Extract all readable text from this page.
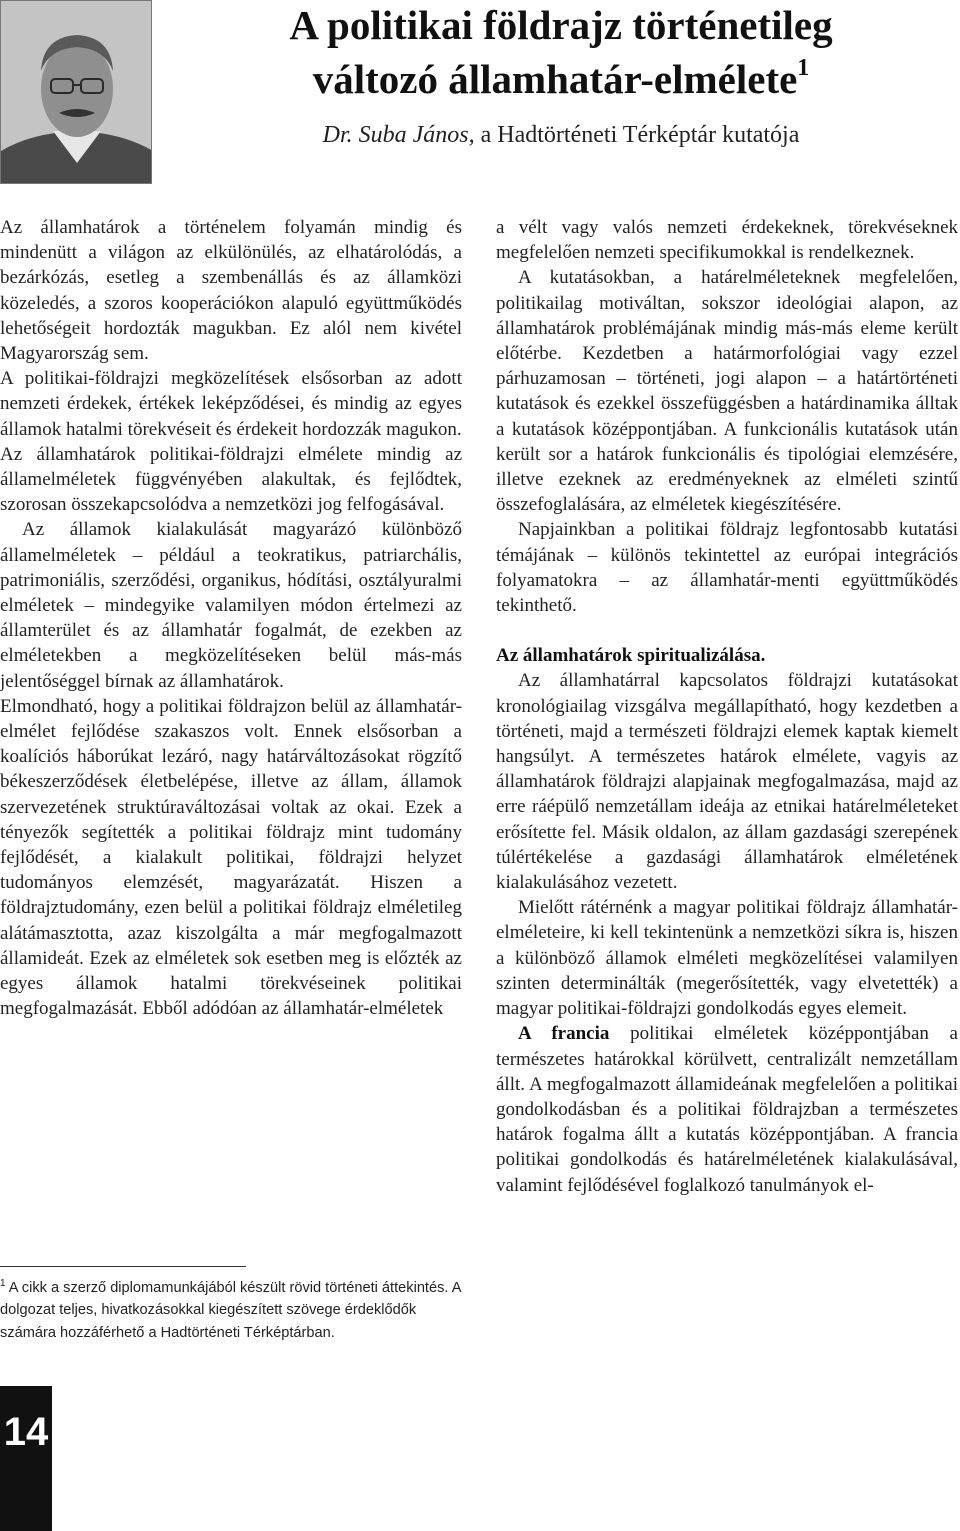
A politikai földrajz történetileg
változó államhatár-elmélete$^1$
Dr. Suba János, a Hadtörténeti Térképtár kutatója

Az államhatárok a történelem folyamán mindig és mindenütt a világon az elkülönülés, az elhatárolódás, a bezárkózás, esetleg a szembenállás és az államközi közeledés, a szoros kooperációkon alapuló együttműködés lehetőségeit hordozták magukban. Ez alól nem kivétel Magyarország sem.

A politikai-földrajzi megközelítések elsősorban az adott nemzeti érdekek, értékek leképződései, és mindig az egyes államok hatalmi törekvéseit és érdekeit hordozzák magukon.

Az államhatárok politikai-földrajzi elmélete mindig az államelméletek függvényében alakultak, és fejlődtek, szorosan összekapcsolódva a nemzetközi jog felfogásával.

Az államok kialakulását magyarázó különböző államelméletek – például a teokratikus, patriarchális, patrimoniális, szerződési, organikus, hódítási, osztályuralmi elméletek – mindegyike valamilyen módon értelmezi az államterület és az államhatár fogalmát, de ezekben az elméletekben a megközelítéseken belül más-más jelentőséggel bírnak az államhatárok.

Elmondható, hogy a politikai földrajzon belül az államhatár-elmélet fejlődése szakaszos volt. Ennek elsősorban a koalíciós háborúkat lezáró, nagy határváltozásokat rögzítő békeszerződések életbelépése, illetve az állam, államok szervezetének struktúraváltozásai voltak az okai. Ezek a tényezők segítették a politikai földrajz mint tudomány fejlődését, a kialakult politikai, földrajzi helyzet tudományos elemzését, magyarázatát. Hiszen a földrajztudomány, ezen belül a politikai földrajz elméletileg alátámasztotta, azaz kiszolgálta a már megfogalmazott államideát. Ezek az elméletek sok esetben meg is előzték az egyes államok hatalmi törekvéseinek politikai megfogalmazását. Ebből adódóan az államhatár-elméletek

a vélt vagy valós nemzeti érdekeknek, törekvéseknek megfelelően nemzeti specifikumokkal is rendelkeznek.

A kutatásokban, a határelméleteknek megfelelően, politikailag motiváltan, sokszor ideológiai alapon, az államhatárok problémájának mindig más-más eleme került előtérbe. Kezdetben a határmorfológiai vagy ezzel párhuzamosan – történeti, jogi alapon – a határtörténeti kutatások és ezekkel összefüggésben a határdinamika álltak a kutatások középpontjában. A funkcionális kutatások után került sor a határok funkcionális és tipológiai elemzésére, illetve ezeknek az eredményeknek az elméleti szintű összefoglalására, az elméletek kiegészítésére.

Napjainkban a politikai földrajz legfontosabb kutatási témájának – különös tekintettel az európai integrációs folyamatokra – az államhatár-menti együttműködés tekinthető.

Az államhatárok spiritualizálása.

Az államhatárral kapcsolatos földrajzi kutatásokat kronológiailag vizsgálva megállapítható, hogy kezdetben a történeti, majd a természeti földrajzi elemek kaptak kiemelt hangsúlyt. A természetes határok elmélete, vagyis az államhatárok földrajzi alapjainak megfogalmazása, majd az erre ráépülő nemzetállam ideája az etnikai határelméleteket erősítette fel. Másik oldalon, az állam gazdasági szerepének túlértékelése a gazdasági államhatárok elméletének kialakulásához vezetett.

Mielőtt rátérnénk a magyar politikai földrajz államhatár-elméleteire, ki kell tekintenünk a nemzetközi síkra is, hiszen a különböző államok elméleti megközelítései valamilyen szinten determinálták (megerősítették, vagy elvetették) a magyar politikai-földrajzi gondolkodás egyes elemeit.

A francia politikai elméletek középpontjában a természetes határokkal körülvett, centralizált nemzetállam állt. A megfogalmazott államideának megfelelően a politikai gondolkodásban és a politikai földrajzban a természetes határok fogalma állt a kutatás középpontjában. A francia politikai gondolkodás és határelméletének kialakulásával, valamint fejlődésével foglalkozó tanulmányok el-

$^1$ A cikk a szerző diplomamunkájából készült rövid történeti áttekintés. A dolgozat teljes, hivatkozásokkal kiegészített szövege érdeklődők számára hozzáférhető a Hadtörténeti Térképtárban.

14
